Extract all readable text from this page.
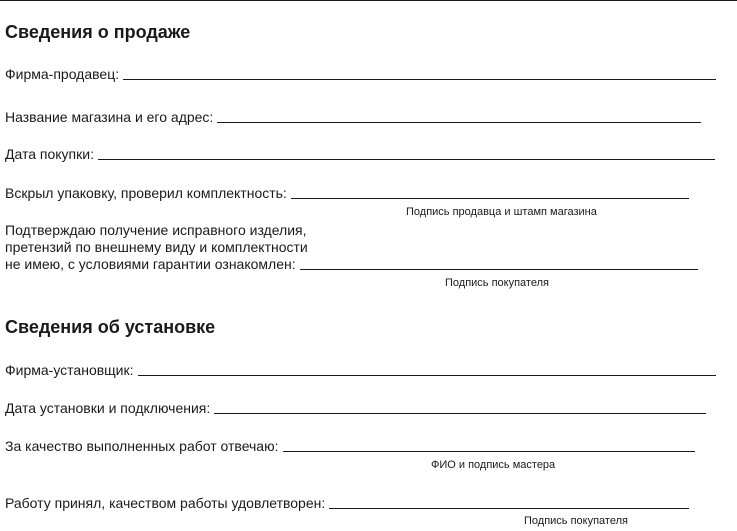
Сведения о продаже
Фирма-продавец:
Название магазина и его адрес:
Дата покупки:
Вскрыл упаковку, проверил комплектность:
Подпись продавца и штамп магазина
Подтверждаю получение исправного изделия,
претензий по внешнему виду и комплектности
не имею, с условиями гарантии ознакомлен:
Подпись покупателя
Сведения об установке
Фирма-установщик:
Дата установки и подключения:
За качество выполненных работ отвечаю:
ФИО и подпись мастера
Работу принял, качеством работы удовлетворен:
Подпись покупателя
